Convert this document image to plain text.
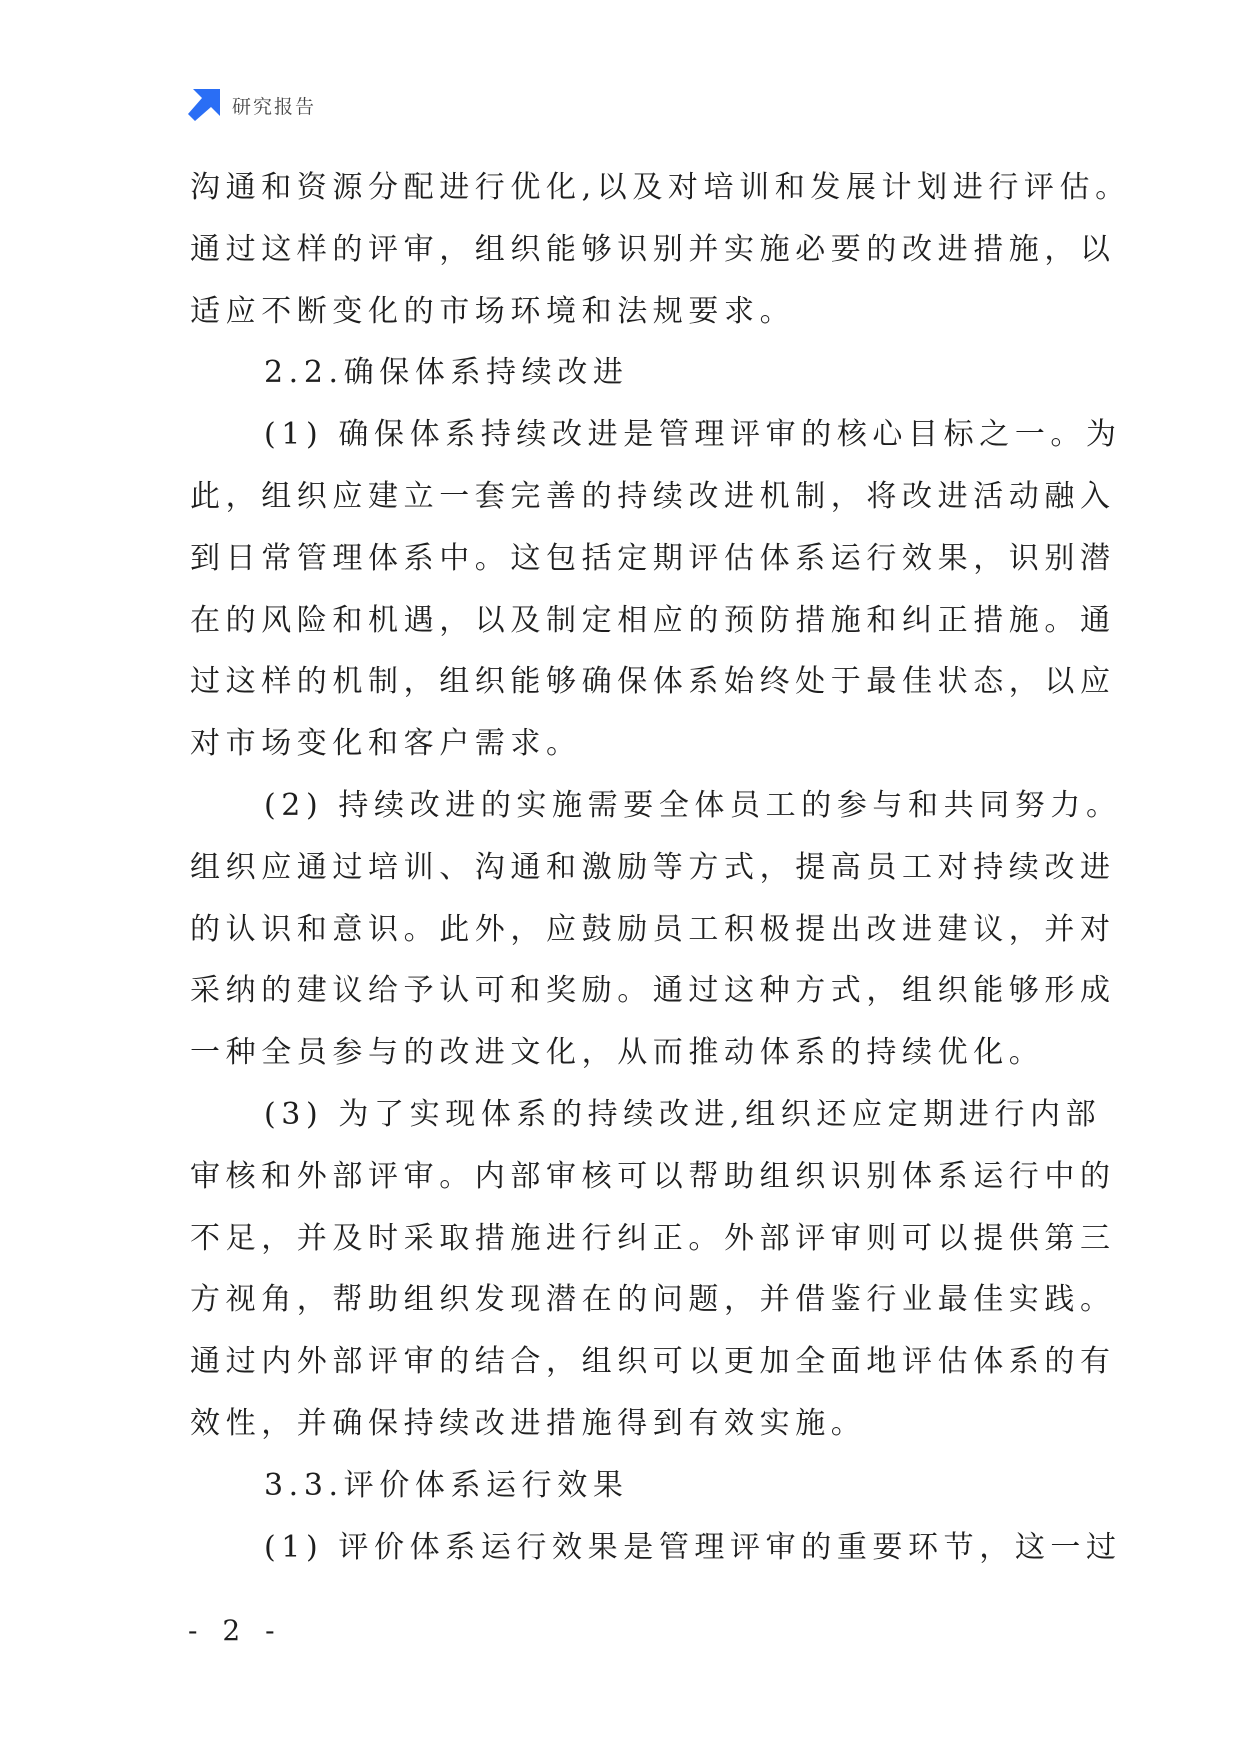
研究报告
沟通和资源分配进行优化,以及对培训和发展计划进行评估。
通过这样的评审，组织能够识别并实施必要的改进措施，以
适应不断变化的市场环境和法规要求。
2.2.确保体系持续改进
(1) 确保体系持续改进是管理评审的核心目标之一。为
此，组织应建立一套完善的持续改进机制，将改进活动融入
到日常管理体系中。这包括定期评估体系运行效果，识别潜
在的风险和机遇，以及制定相应的预防措施和纠正措施。通
过这样的机制，组织能够确保体系始终处于最佳状态，以应
对市场变化和客户需求。
(2) 持续改进的实施需要全体员工的参与和共同努力。
组织应通过培训、沟通和激励等方式，提高员工对持续改进
的认识和意识。此外，应鼓励员工积极提出改进建议，并对
采纳的建议给予认可和奖励。通过这种方式，组织能够形成
一种全员参与的改进文化，从而推动体系的持续优化。
(3) 为了实现体系的持续改进,组织还应定期进行内部
审核和外部评审。内部审核可以帮助组织识别体系运行中的
不足，并及时采取措施进行纠正。外部评审则可以提供第三
方视角，帮助组织发现潜在的问题，并借鉴行业最佳实践。
通过内外部评审的结合，组织可以更加全面地评估体系的有
效性，并确保持续改进措施得到有效实施。
3.3.评价体系运行效果
(1) 评价体系运行效果是管理评审的重要环节，这一过
- 2 -
